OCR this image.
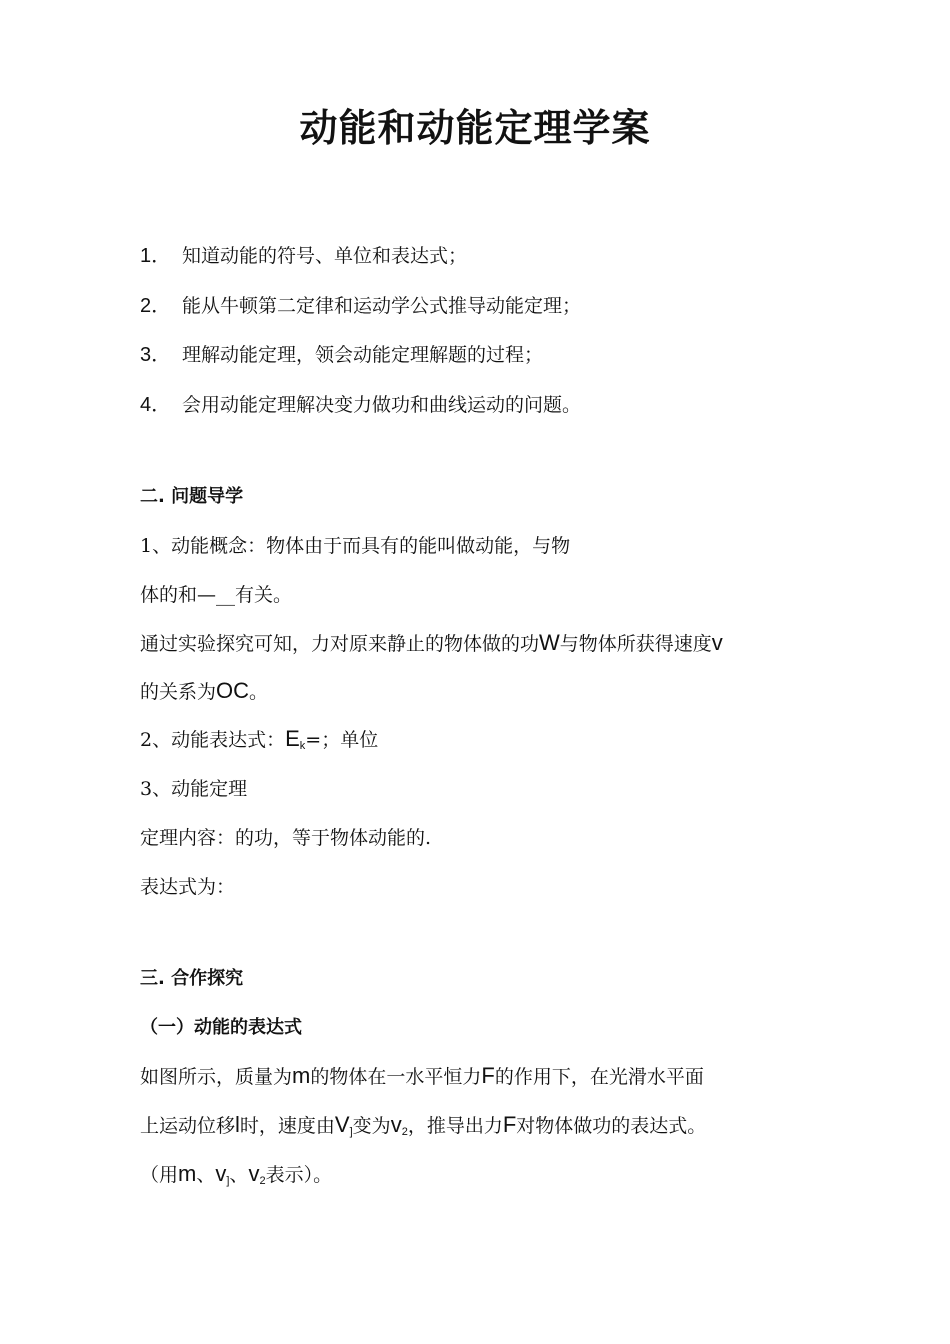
动能和动能定理学案
1． 知道动能的符号、单位和表达式；
2． 能从牛顿第二定律和运动学公式推导动能定理；
3． 理解动能定理，领会动能定理解题的过程；
4． 会用动能定理解决变力做功和曲线运动的问题。
二. 问题导学
1、动能概念：物体由于而具有的能叫做动能，与物
体的和—__有关。
通过实验探究可知，力对原来静止的物体做的功W与物体所获得速度v
的关系为OC。
2、动能表达式：$E_k=$；单位
3、动能定理
定理内容：的功，等于物体动能的.
表达式为：
三. 合作探究
（一）动能的表达式
如图所示，质量为m的物体在一水平恒力F的作用下，在光滑水平面
上运动位移l时，速度由$V_]$变为$v_2$，推导出力F对物体做功的表达式。
（用m、$v_]$、$v_2$表示）。
